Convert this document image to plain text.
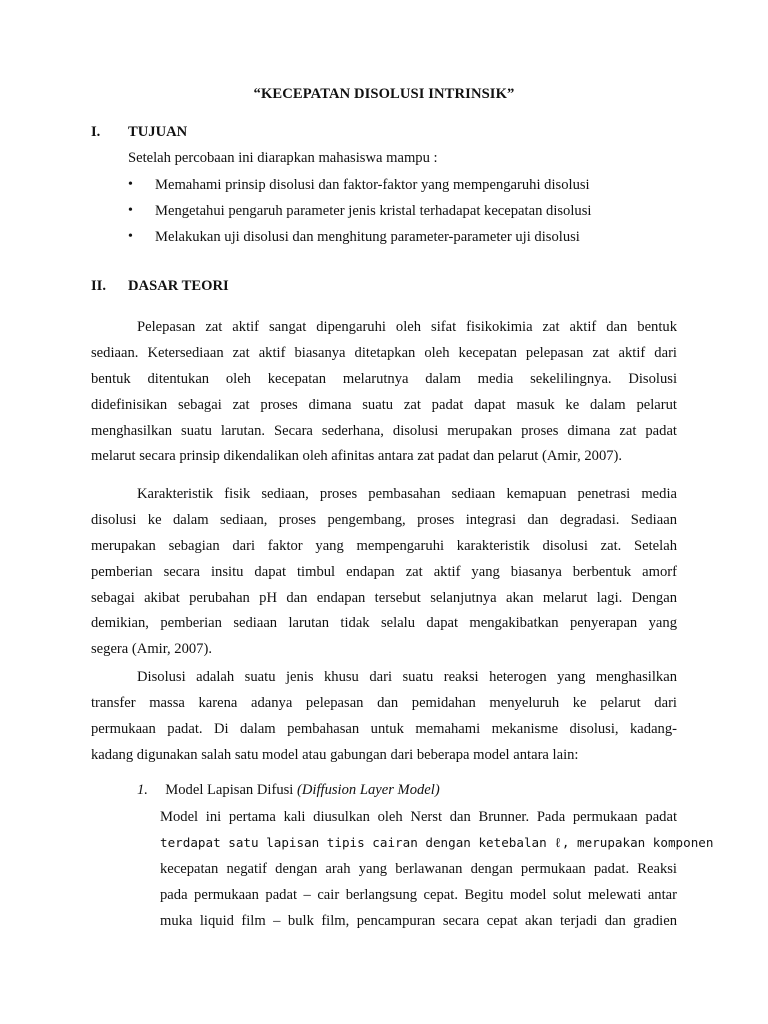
“KECEPATAN DISOLUSI INTRINSIK”
I. TUJUAN
Setelah percobaan ini diarapkan mahasiswa mampu :
• Memahami prinsip disolusi dan faktor-faktor yang mempengaruhi disolusi
• Mengetahui pengaruh parameter jenis kristal terhadapat kecepatan disolusi
• Melakukan uji disolusi dan menghitung parameter-parameter uji disolusi
II. DASAR TEORI
Pelepasan zat aktif sangat dipengaruhi oleh sifat fisikokimia zat aktif dan bentuk
sediaan. Ketersediaan zat aktif biasanya ditetapkan oleh kecepatan pelepasan zat aktif dari
bentuk ditentukan oleh kecepatan melarutnya dalam media sekelilingnya. Disolusi
didefinisikan sebagai zat proses dimana suatu zat padat dapat masuk ke dalam pelarut
menghasilkan suatu larutan. Secara sederhana, disolusi merupakan proses dimana zat padat
melarut secara prinsip dikendalikan oleh afinitas antara zat padat dan pelarut (Amir, 2007).
Karakteristik fisik sediaan, proses pembasahan sediaan kemapuan penetrasi media
disolusi ke dalam sediaan, proses pengembang, proses integrasi dan degradasi. Sediaan
merupakan sebagian dari faktor yang mempengaruhi karakteristik disolusi zat. Setelah
pemberian secara insitu dapat timbul endapan zat aktif yang biasanya berbentuk amorf
sebagai akibat perubahan pH dan endapan tersebut selanjutnya akan melarut lagi. Dengan
demikian, pemberian sediaan larutan tidak selalu dapat mengakibatkan penyerapan yang
segera (Amir, 2007).
Disolusi adalah suatu jenis khusu dari suatu reaksi heterogen yang menghasilkan
transfer massa karena adanya pelepasan dan pemidahan menyeluruh ke pelarut dari
permukaan padat. Di dalam pembahasan untuk memahami mekanisme disolusi, kadang-
kadang digunakan salah satu model atau gabungan dari beberapa model antara lain:
1. Model Lapisan Difusi (Diffusion Layer Model)
Model ini pertama kali diusulkan oleh Nerst dan Brunner. Pada permukaan padat
terdapat satu lapisan tipis cairan dengan ketebalan ℓ, merupakan komponen
kecepatan negatif dengan arah yang berlawanan dengan permukaan padat. Reaksi
pada permukaan padat – cair berlangsung cepat. Begitu model solut melewati antar
muka liquid film – bulk film, pencampuran secara cepat akan terjadi dan gradien
